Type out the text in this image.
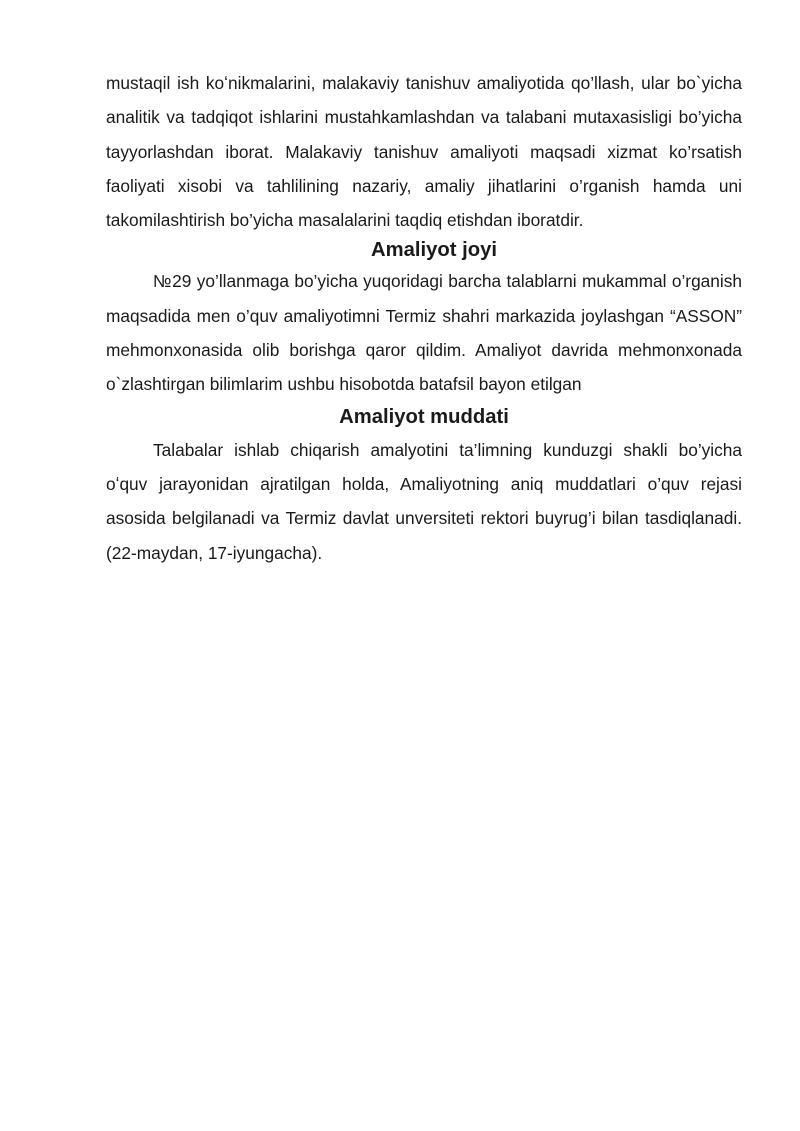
mustaqil ish koʻnikmalarini, malakaviy tanishuv amaliyotida qo’llash, ular bo`yicha analitik va tadqiqot ishlarini mustahkamlashdan va talabani mutaxasisligi bo’yicha tayyorlashdan iborat. Malakaviy tanishuv amaliyoti maqsadi xizmat ko’rsatish faoliyati xisobi va tahlilining nazariy, amaliy jihatlarini o’rganish hamda uni takomilashtirish bo’yicha masalalarini taqdiq etishdan iboratdir.

Amaliyot joyi

№29 yo’llanmaga bo’yicha yuqoridagi barcha talablarni mukammal o’rganish maqsadida men o’quv amaliyotimni Termiz shahri markazida joylashgan “ASSON” mehmonxonasida olib borishga qaror qildim. Amaliyot davrida mehmonxonada o`zlashtirgan bilimlarim ushbu hisobotda batafsil bayon etilgan

Amaliyot muddati

Talabalar ishlab chiqarish amalyotini ta’limning kunduzgi shakli bo’yicha oʻquv jarayonidan ajratilgan holda, Amaliyotning aniq muddatlari o’quv rejasi asosida belgilanadi va Termiz davlat unversiteti rektori buyrug’i bilan tasdiqlanadi.(22-maydan, 17-iyungacha).
